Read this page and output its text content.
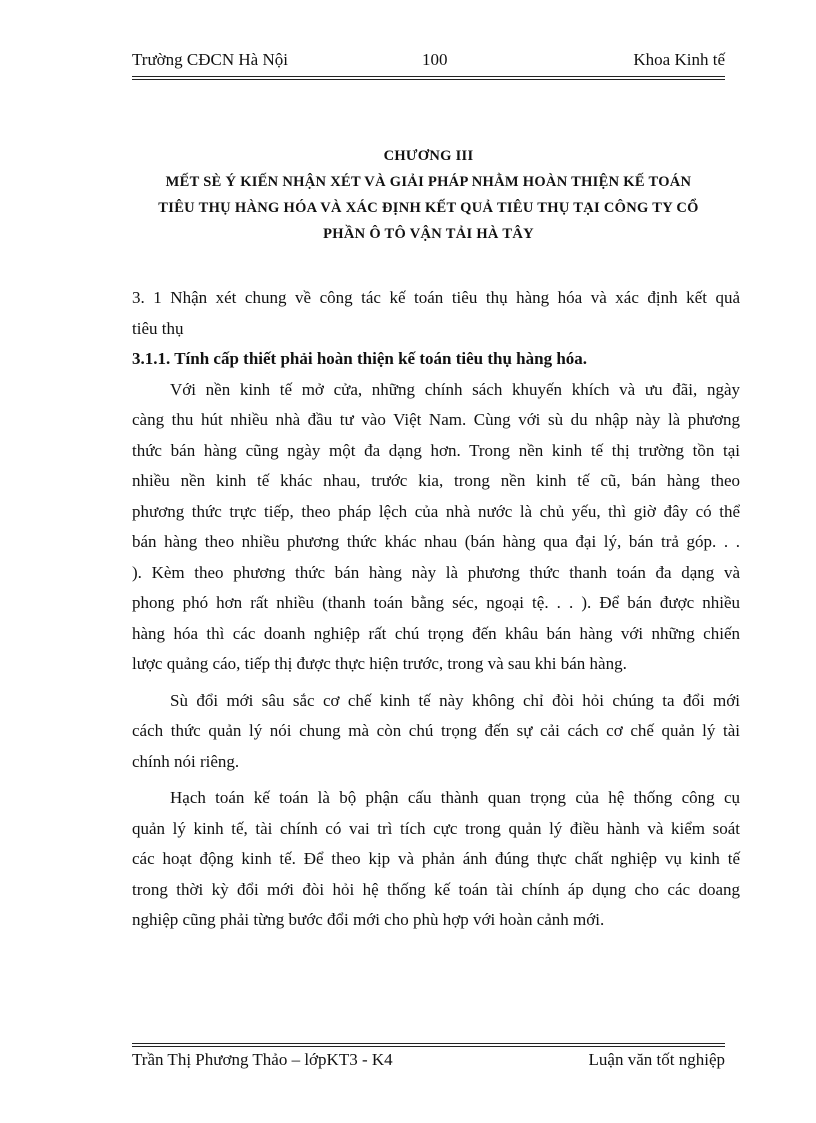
Trường CĐCN Hà Nội	100	Khoa Kinh tế
CHƯƠNG III
MẾT SÈ Ý KIẾN NHẬN XÉT VÀ GIẢI PHÁP NHẰM HOÀN THIỆN KẾ TOÁN
TIÊU THỤ HÀNG HÓA VÀ XÁC ĐỊNH KẾT QUẢ TIÊU THỤ TẠI CÔNG TY CỔ
PHẦN Ô TÔ VẬN TẢI HÀ TÂY
3. 1 Nhận xét chung về công tác kế toán tiêu thụ hàng hóa và xác định kết quả
tiêu thụ
3.1.1. Tính cấp thiết phải hoàn thiện kế toán tiêu thụ hàng hóa.
Với nền kinh tế mở cửa, những chính sách khuyến khích và ưu đãi, ngày
càng thu hút nhiều nhà đầu tư vào Việt Nam. Cùng với sù du nhập này là phương
thức bán hàng cũng ngày một đa dạng hơn. Trong nền kinh tế thị trường tồn tại
nhiều nền kinh tế khác nhau, trước kia, trong nền kinh tế cũ, bán hàng theo
phương thức trực tiếp, theo pháp lệch của nhà nước là chủ yếu, thì giờ đây có thể
bán hàng theo nhiều phương thức khác nhau (bán hàng qua đại lý, bán trả góp. . .
). Kèm theo phương thức bán hàng này là phương thức thanh toán đa dạng và
phong phó hơn rất nhiều (thanh toán bằng séc, ngoại tệ. . . ). Để bán được nhiều
hàng hóa thì các doanh nghiệp rất chú trọng đến khâu bán hàng với những chiến
lược quảng cáo, tiếp thị được thực hiện trước, trong và sau khi bán hàng.
Sù đổi mới sâu sắc cơ chế kinh tế này không chỉ đòi hỏi chúng ta đổi mới
cách thức quản lý nói chung mà còn chú trọng đến sự cải cách cơ chế quản lý tài
chính nói riêng.
Hạch toán kế toán là bộ phận cấu thành quan trọng của hệ thống công cụ
quản lý kinh tế, tài chính có vai trì tích cực trong quản lý điều hành và kiểm soát
các hoạt động kinh tế. Để theo kịp và phản ánh đúng thực chất nghiệp vụ kinh tế
trong thời kỳ đổi mới đòi hỏi hệ thống kế toán tài chính áp dụng cho các doang
nghiệp cũng phải từng bước đổi mới cho phù hợp với hoàn cảnh mới.
Trần Thị Phương Thảo – lớpKT3 - K4	Luận văn tốt nghiệp
